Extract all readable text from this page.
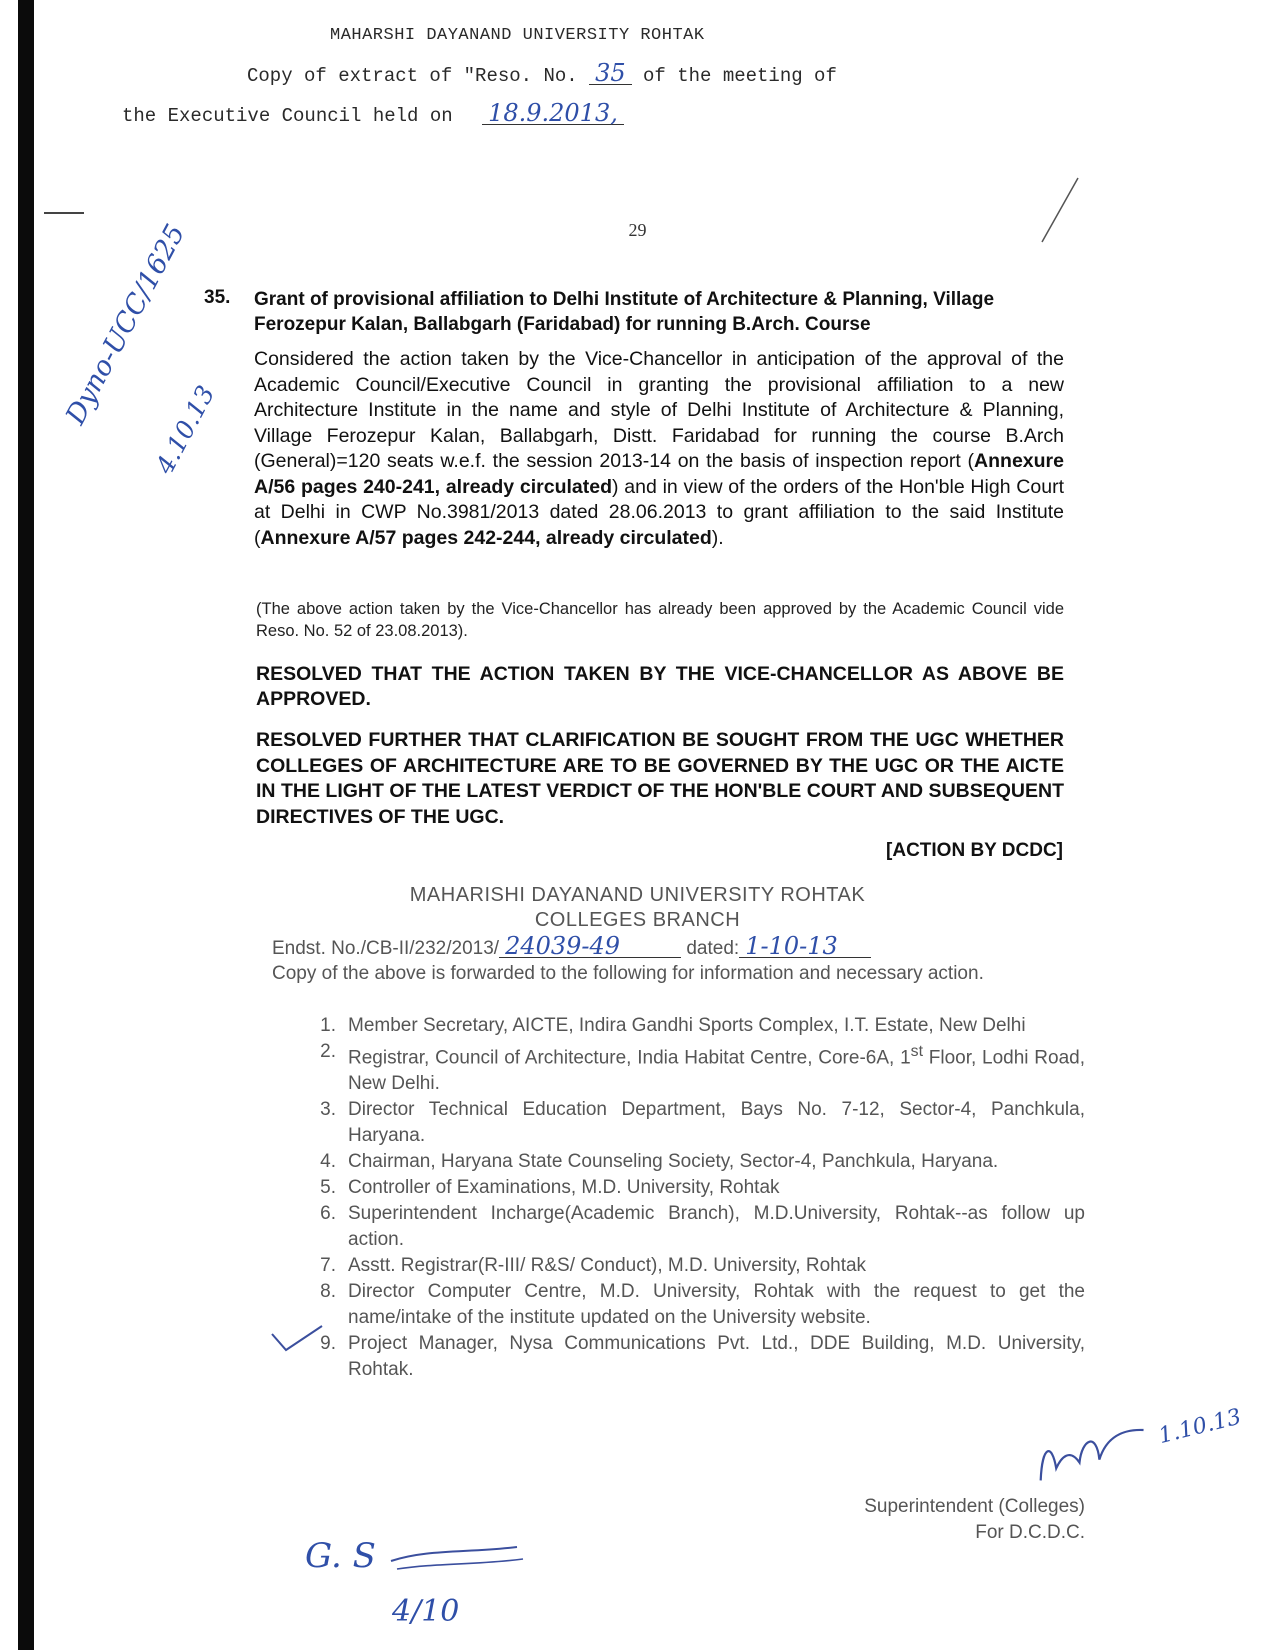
MAHARSHI DAYANAND UNIVERSITY ROHTAK
Copy of extract of "Reso. No. 35 of the meeting of
the Executive Council held on 18.9.2013,
29
35. Grant of provisional affiliation to Delhi Institute of Architecture & Planning, Village Ferozepur Kalan, Ballabgarh (Faridabad) for running B.Arch. Course
Considered the action taken by the Vice-Chancellor in anticipation of the approval of the Academic Council/Executive Council in granting the provisional affiliation to a new Architecture Institute in the name and style of Delhi Institute of Architecture & Planning, Village Ferozepur Kalan, Ballabgarh, Distt. Faridabad for running the course B.Arch (General)=120 seats w.e.f. the session 2013-14 on the basis of inspection report (Annexure A/56 pages 240-241, already circulated) and in view of the orders of the Hon'ble High Court at Delhi in CWP No.3981/2013 dated 28.06.2013 to grant affiliation to the said Institute (Annexure A/57 pages 242-244, already circulated).
(The above action taken by the Vice-Chancellor has already been approved by the Academic Council vide Reso. No. 52 of 23.08.2013).
RESOLVED THAT THE ACTION TAKEN BY THE VICE-CHANCELLOR AS ABOVE BE APPROVED.
RESOLVED FURTHER THAT CLARIFICATION BE SOUGHT FROM THE UGC WHETHER COLLEGES OF ARCHITECTURE ARE TO BE GOVERNED BY THE UGC OR THE AICTE IN THE LIGHT OF THE LATEST VERDICT OF THE HON'BLE COURT AND SUBSEQUENT DIRECTIVES OF THE UGC.
[ACTION BY DCDC]
Dyno-UCC/1625
4.10.13
MAHARISHI DAYANAND UNIVERSITY ROHTAK
COLLEGES BRANCH
Endst. No./CB-II/232/2013/ 24039-49	dated: 1-10-13
Copy of the above is forwarded to the following for information and necessary action.
1. Member Secretary, AICTE, Indira Gandhi Sports Complex, I.T. Estate, New Delhi
2. Registrar, Council of Architecture, India Habitat Centre, Core-6A, 1st Floor, Lodhi Road, New Delhi.
3. Director Technical Education Department, Bays No. 7-12, Sector-4, Panchkula, Haryana.
4. Chairman, Haryana State Counseling Society, Sector-4, Panchkula, Haryana.
5. Controller of Examinations, M.D. University, Rohtak
6. Superintendent Incharge(Academic Branch), M.D.University, Rohtak--as follow up action.
7. Asstt. Registrar(R-III/ R&S/ Conduct), M.D. University, Rohtak
8. Director Computer Centre, M.D. University, Rohtak with the request to get the name/intake of the institute updated on the University website.
9. Project Manager, Nysa Communications Pvt. Ltd., DDE Building, M.D. University, Rohtak.
1.10.13
Superintendent (Colleges)
For D.C.D.C.
G. S
4/10
